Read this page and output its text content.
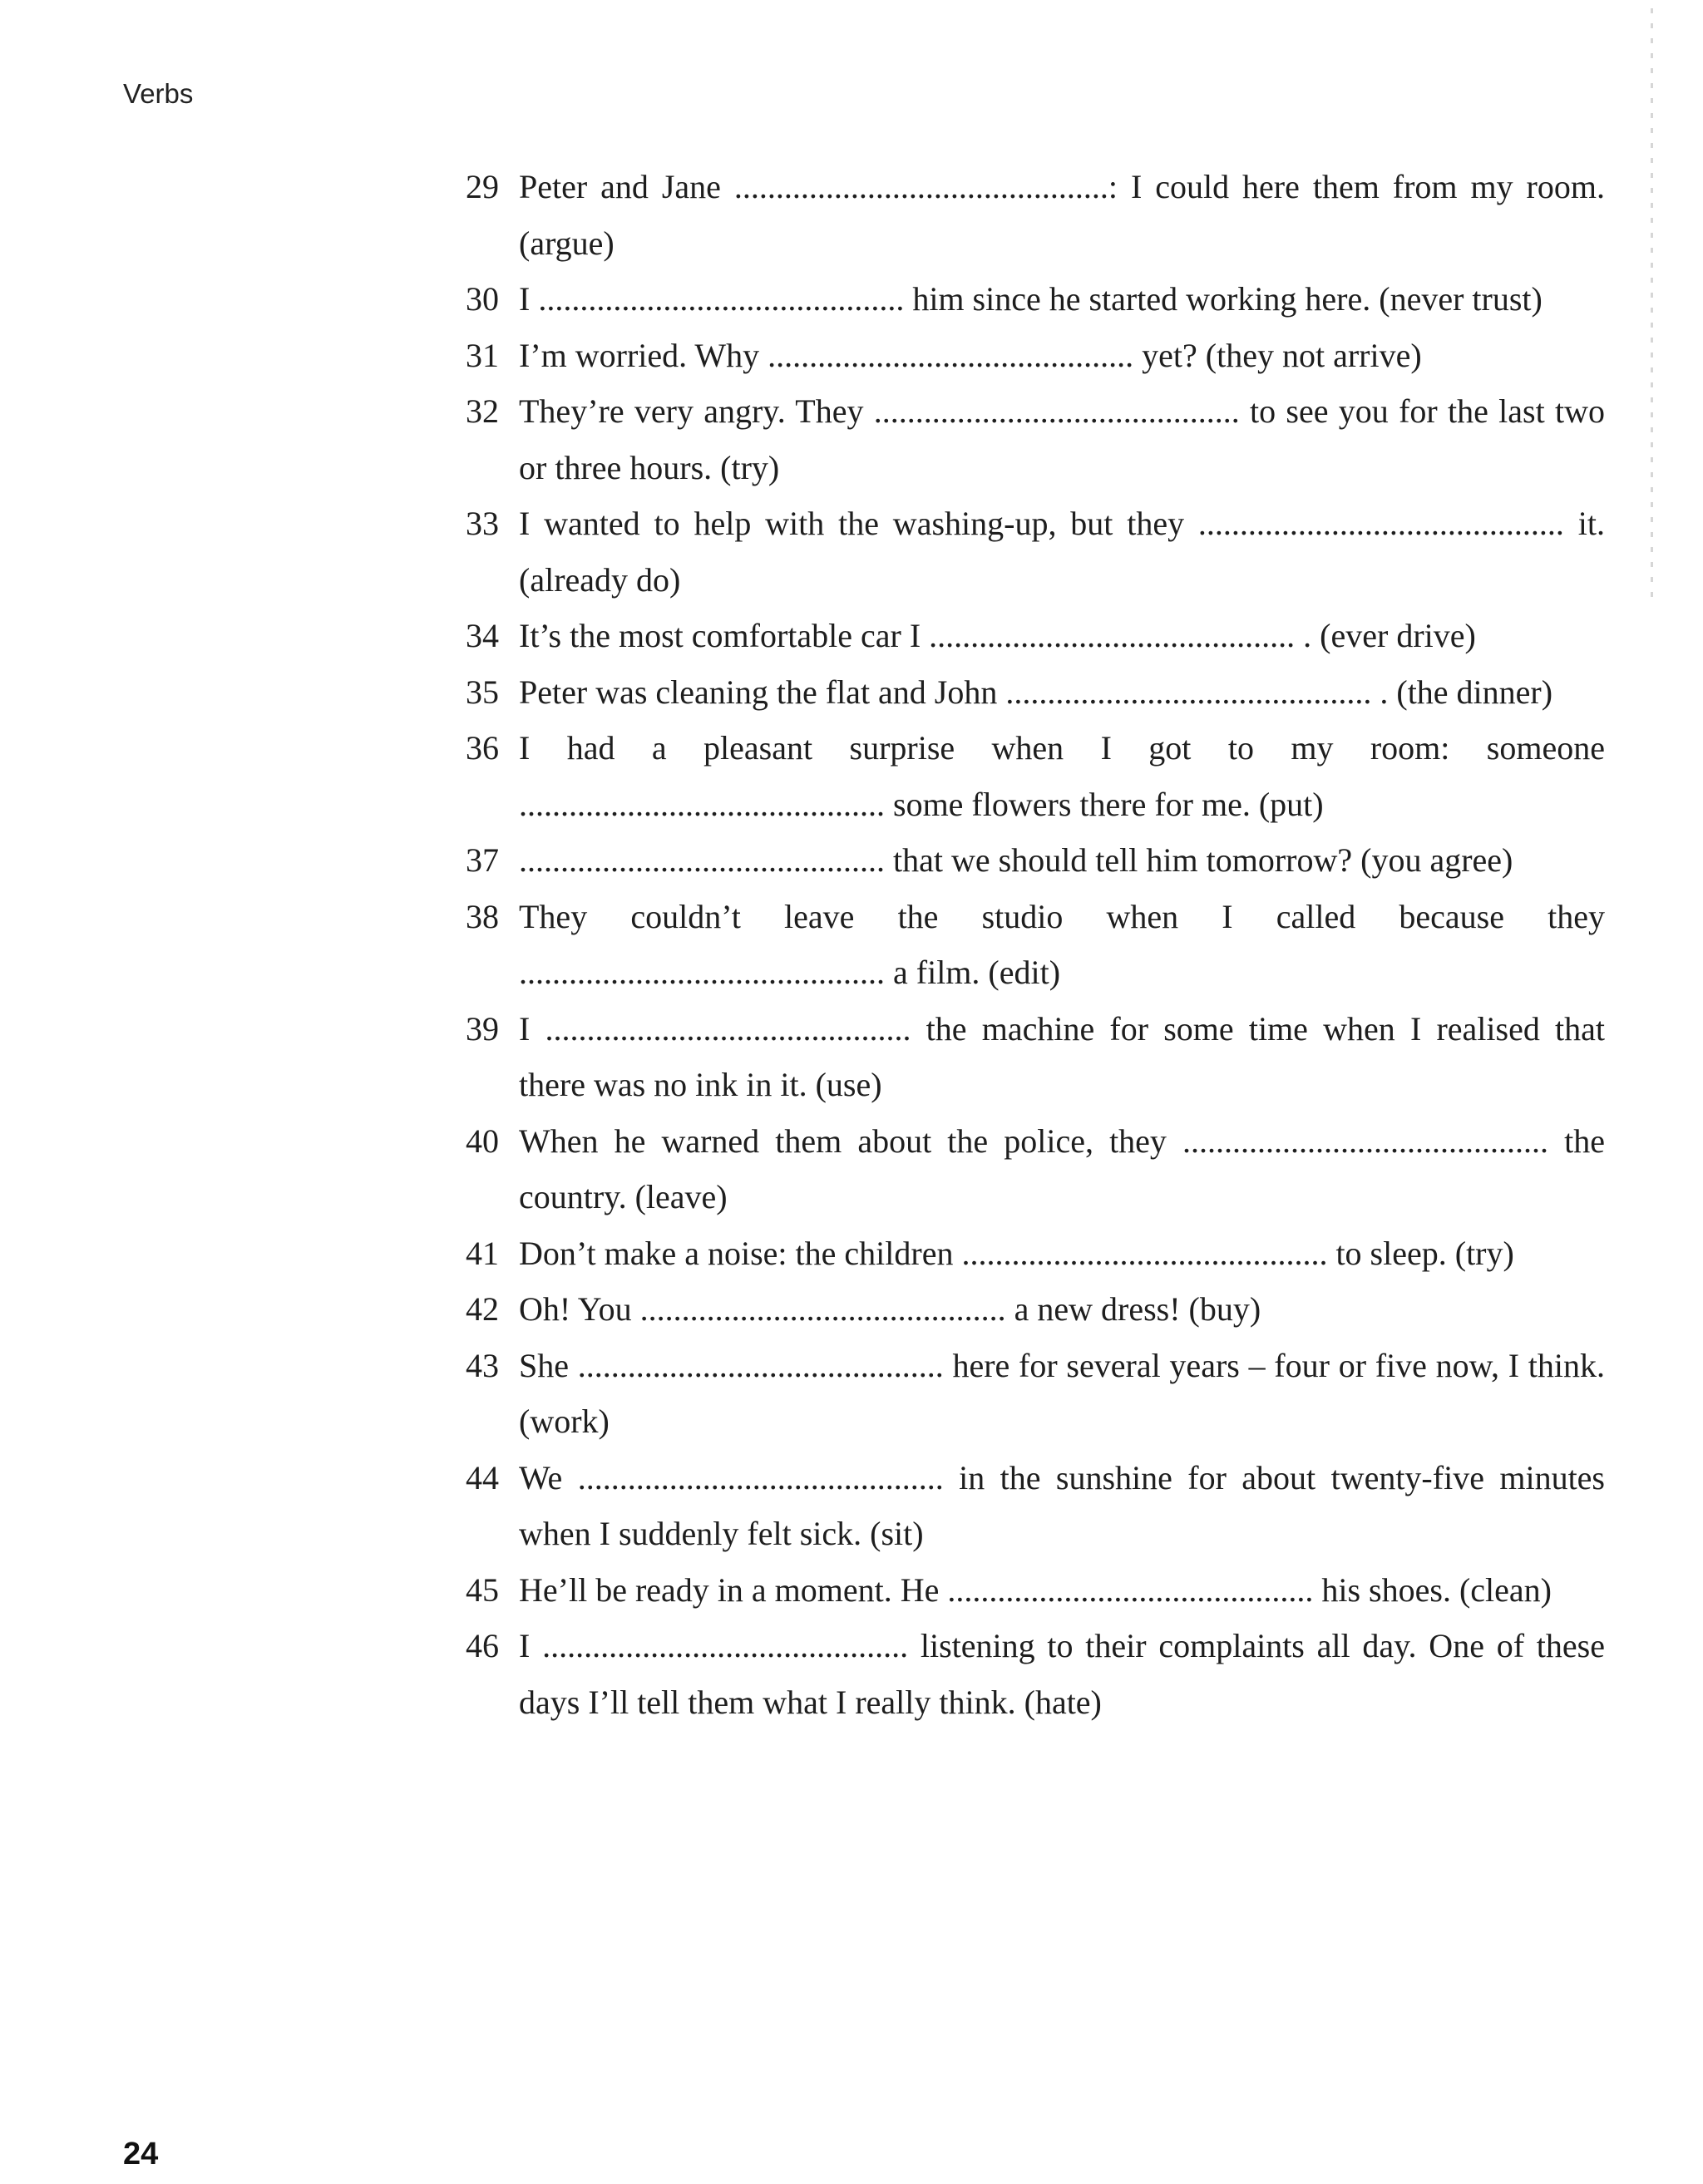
Verbs
29 Peter and Jane .............................................: I could here them from my room. (argue)
30 I ............................................ him since he started working here. (never trust)
31 I’m worried. Why ............................................ yet? (they not arrive)
32 They’re very angry. They ............................................ to see you for the last two or three hours. (try)
33 I wanted to help with the washing-up, but they ............................................ it. (already do)
34 It’s the most comfortable car I ............................................ . (ever drive)
35 Peter was cleaning the flat and John ............................................ . (the dinner)
36 I had a pleasant surprise when I got to my room: someone ............................................ some flowers there for me. (put)
37 ............................................ that we should tell him tomorrow? (you agree)
38 They couldn’t leave the studio when I called because they ............................................ a film. (edit)
39 I ............................................ the machine for some time when I realised that there was no ink in it. (use)
40 When he warned them about the police, they ............................................ the country. (leave)
41 Don’t make a noise: the children ............................................ to sleep. (try)
42 Oh! You ............................................ a new dress! (buy)
43 She ............................................ here for several years – four or five now, I think. (work)
44 We ............................................ in the sunshine for about twenty-five minutes when I suddenly felt sick. (sit)
45 He’ll be ready in a moment. He ............................................ his shoes. (clean)
46 I ............................................ listening to their complaints all day. One of these days I’ll tell them what I really think. (hate)
24
